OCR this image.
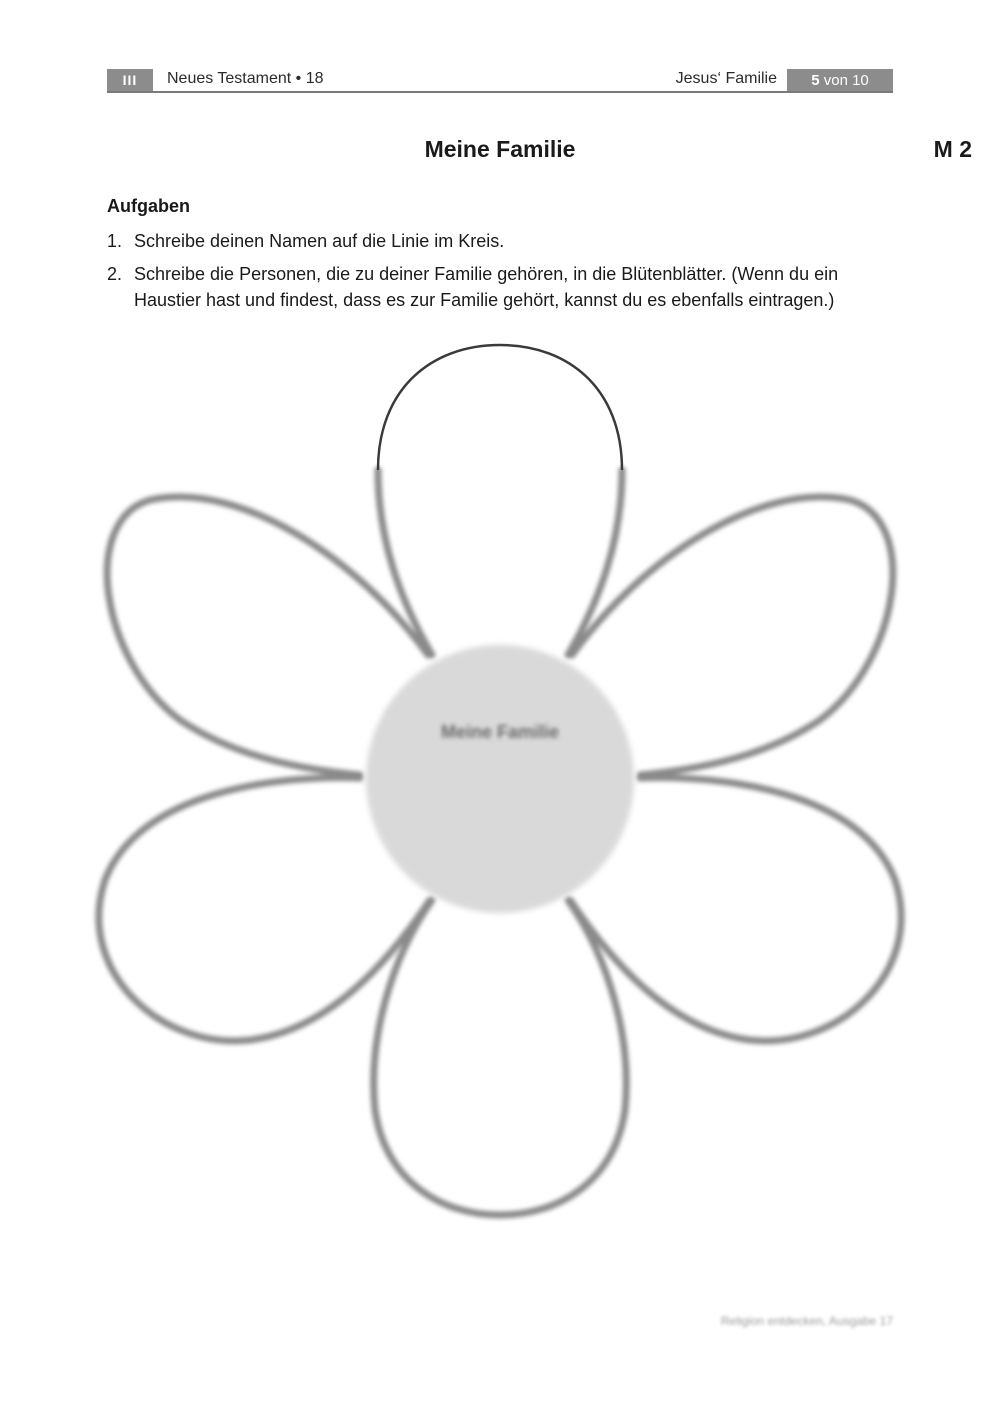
III	Neues Testament • 18	Jesus‘ Familie	5 von 10
Meine Familie	M 2
Aufgaben
1. Schreibe deinen Namen auf die Linie im Kreis.
2. Schreibe die Personen, die zu deiner Familie gehören, in die Blütenblätter. (Wenn du ein Haustier hast und findest, dass es zur Familie gehört, kannst du es ebenfalls eintragen.)
Meine Familie
Religion entdecken, Ausgabe 17
